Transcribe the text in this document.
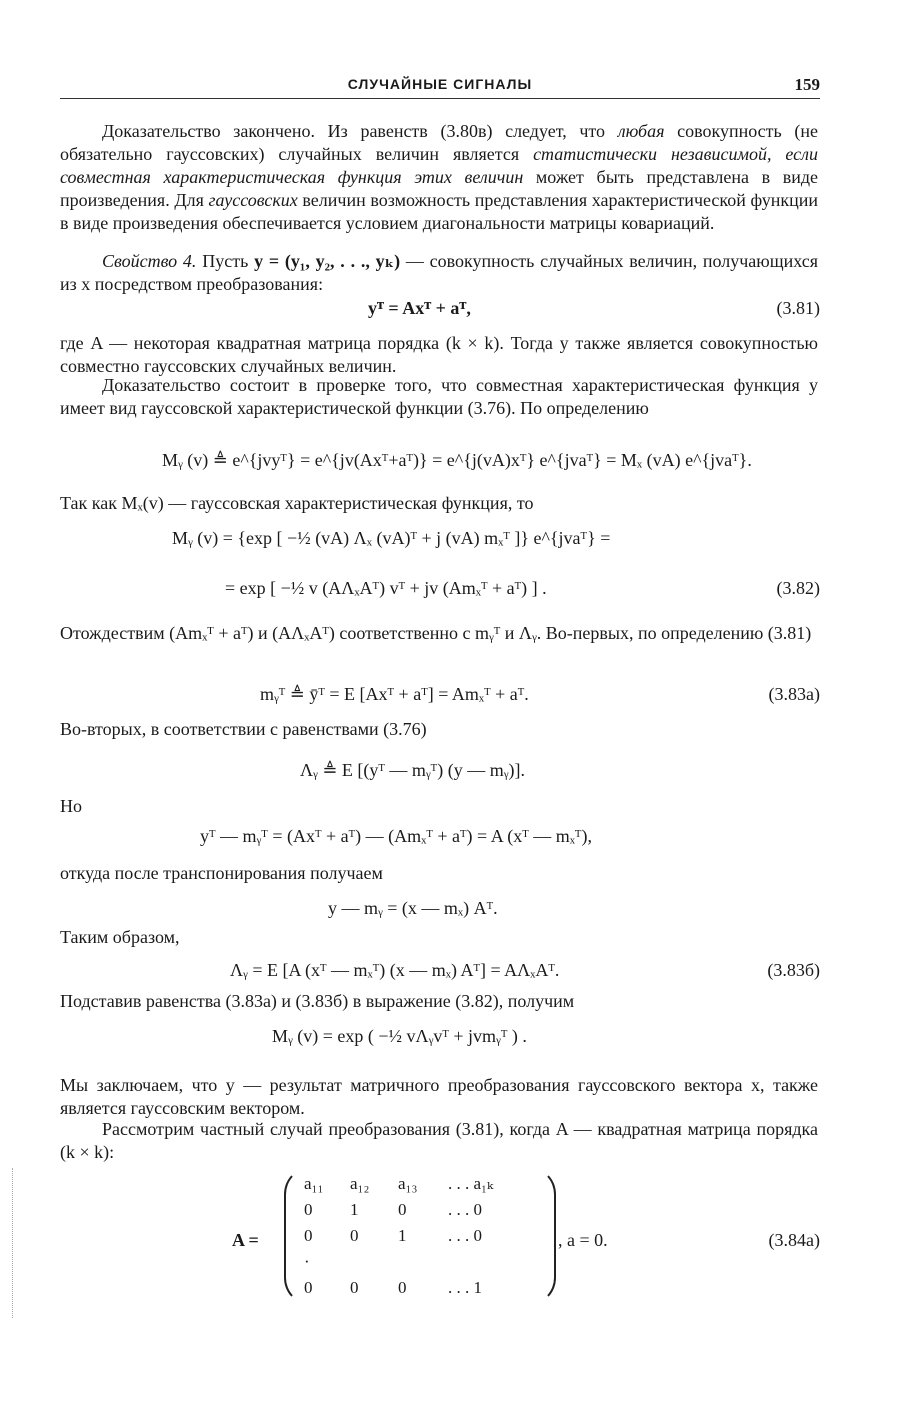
СЛУЧАЙНЫЕ СИГНАЛЫ	159

Доказательство закончено. Из равенств (3.80в) следует, что любая совокупность (не обязательно гауссовских) случайных величин является статистически независимой, если совместная характеристическая функция этих величин может быть представлена в виде произведения. Для гауссовских величин возможность представления характеристической функции в виде произведения обеспечивается условием диагональности матрицы ковариаций.

Свойство 4. Пусть y = (y₁, y₂, . . ., yₖ) — совокупность случайных величин, получающихся из x посредством преобразования:

yᵀ = Axᵀ + aᵀ,	(3.81)

где A — некоторая квадратная матрица порядка (k × k). Тогда y также является совокупностью совместно гауссовских случайных величин.

Доказательство состоит в проверке того, что совместная характеристическая функция y имеет вид гауссовской характеристической функции (3.76). По определению

Mᵧ (v) ≜ e^{jvyᵀ} = e^{jv(Axᵀ+aᵀ)} = e^{j(vA)xᵀ} e^{jvaᵀ} = Mₓ (vA) e^{jvaᵀ}.

Так как Mₓ(v) — гауссовская характеристическая функция, то

Mᵧ (v) = {exp [ −½ (vA) Λₓ (vA)ᵀ + j (vA) mₓᵀ ]} e^{jvaᵀ} =
= exp [ −½ v (AΛₓAᵀ) vᵀ + jv (Amₓᵀ + aᵀ) ] .	(3.82)

Отождествим (Amₓᵀ + aᵀ) и (AΛₓAᵀ) соответственно с mᵧᵀ и Λᵧ. Во-первых, по определению (3.81)

mᵧᵀ ≜ ȳᵀ = E [Axᵀ + aᵀ] = Amₓᵀ + aᵀ.	(3.83a)

Во-вторых, в соответствии с равенствами (3.76)

Λᵧ ≜ E [(yᵀ — mᵧᵀ) (y — mᵧ)].

Но

yᵀ — mᵧᵀ = (Axᵀ + aᵀ) — (Amₓᵀ + aᵀ) = A (xᵀ — mₓᵀ),

откуда после транспонирования получаем

y — mᵧ = (x — mₓ) Aᵀ.

Таким образом,

Λᵧ = E [A (xᵀ — mₓᵀ) (x — mₓ) Aᵀ] = AΛₓAᵀ.	(3.83б)

Подставив равенства (3.83а) и (3.83б) в выражение (3.82), получим

Mᵧ (v) = exp ( −½ vΛᵧvᵀ + jvmᵧᵀ ) .

Мы заключаем, что y — результат матричного преобразования гауссовского вектора x, также является гауссовским вектором.

Рассмотрим частный случай преобразования (3.81), когда A — квадратная матрица порядка (k × k):

A =
a₁₁	a₁₂	a₁₃	. . . a₁ₖ
0	1	0	. . . 0
0	0	1	. . . 0
·
0	0	0	. . . 1
, a = 0.	(3.84a)
